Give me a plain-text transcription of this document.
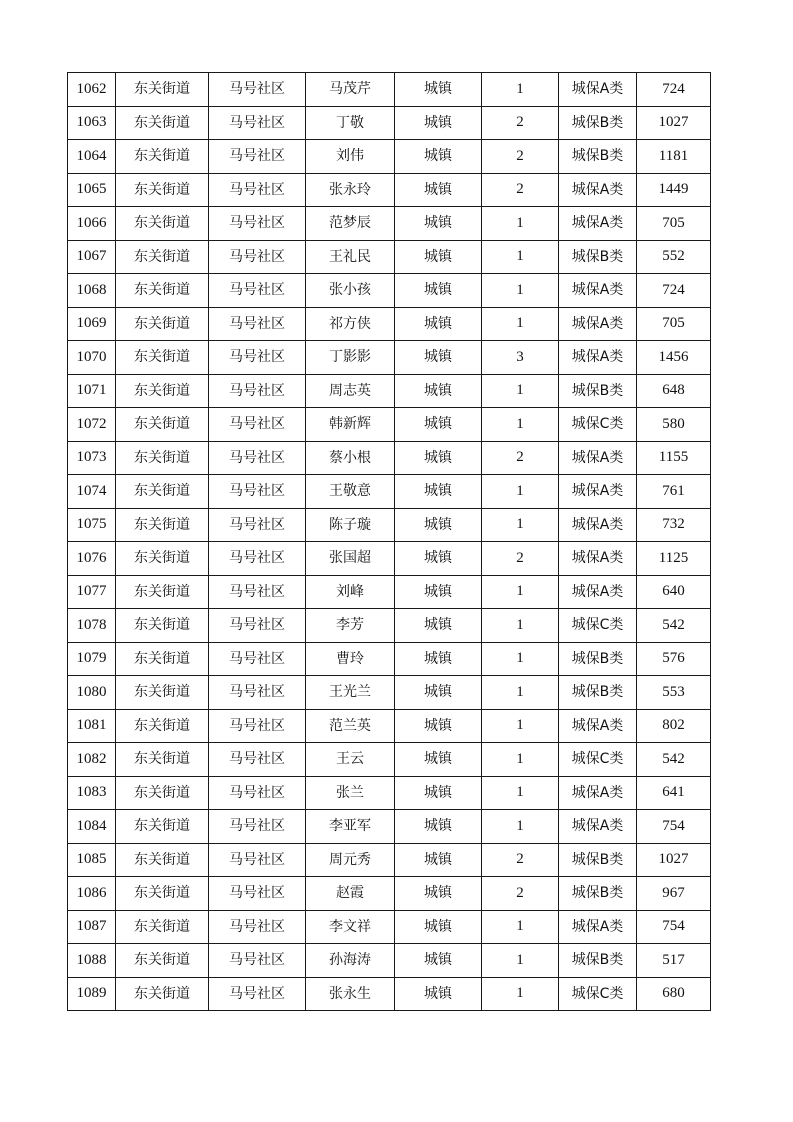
1062	东关街道	马号社区	马茂芹	城镇	1	城保A类	724
1063	东关街道	马号社区	丁敬	城镇	2	城保B类	1027
1064	东关街道	马号社区	刘伟	城镇	2	城保B类	1181
1065	东关街道	马号社区	张永玲	城镇	2	城保A类	1449
1066	东关街道	马号社区	范梦辰	城镇	1	城保A类	705
1067	东关街道	马号社区	王礼民	城镇	1	城保B类	552
1068	东关街道	马号社区	张小孩	城镇	1	城保A类	724
1069	东关街道	马号社区	祁方侠	城镇	1	城保A类	705
1070	东关街道	马号社区	丁影影	城镇	3	城保A类	1456
1071	东关街道	马号社区	周志英	城镇	1	城保B类	648
1072	东关街道	马号社区	韩新辉	城镇	1	城保C类	580
1073	东关街道	马号社区	蔡小根	城镇	2	城保A类	1155
1074	东关街道	马号社区	王敬意	城镇	1	城保A类	761
1075	东关街道	马号社区	陈子璇	城镇	1	城保A类	732
1076	东关街道	马号社区	张国超	城镇	2	城保A类	1125
1077	东关街道	马号社区	刘峰	城镇	1	城保A类	640
1078	东关街道	马号社区	李芳	城镇	1	城保C类	542
1079	东关街道	马号社区	曹玲	城镇	1	城保B类	576
1080	东关街道	马号社区	王光兰	城镇	1	城保B类	553
1081	东关街道	马号社区	范兰英	城镇	1	城保A类	802
1082	东关街道	马号社区	王云	城镇	1	城保C类	542
1083	东关街道	马号社区	张兰	城镇	1	城保A类	641
1084	东关街道	马号社区	李亚军	城镇	1	城保A类	754
1085	东关街道	马号社区	周元秀	城镇	2	城保B类	1027
1086	东关街道	马号社区	赵霞	城镇	2	城保B类	967
1087	东关街道	马号社区	李文祥	城镇	1	城保A类	754
1088	东关街道	马号社区	孙海涛	城镇	1	城保B类	517
1089	东关街道	马号社区	张永生	城镇	1	城保C类	680
